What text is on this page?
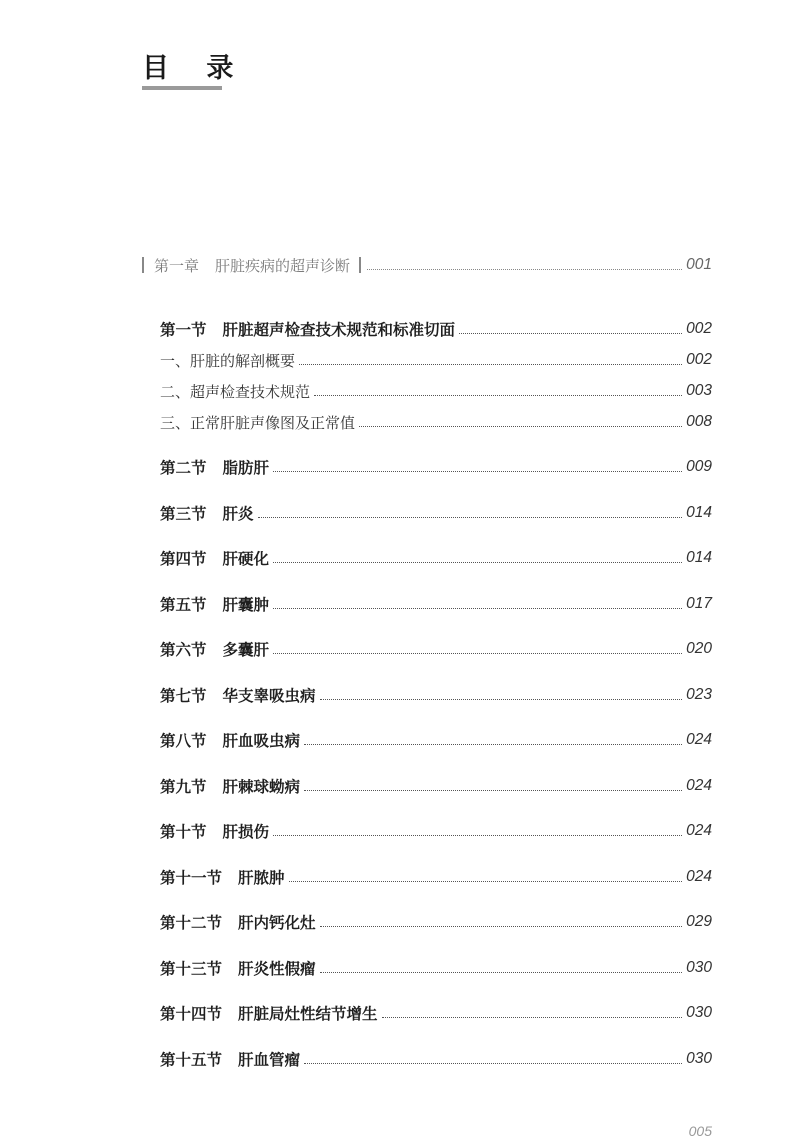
目 录
第一章 肝脏疾病的超声诊断	001
第一节 肝脏超声检查技术规范和标准切面	002
一、肝脏的解剖概要	002
二、超声检查技术规范	003
三、正常肝脏声像图及正常值	008
第二节 脂肪肝	009
第三节 肝炎	014
第四节 肝硬化	014
第五节 肝囊肿	017
第六节 多囊肝	020
第七节 华支睾吸虫病	023
第八节 肝血吸虫病	024
第九节 肝棘球蚴病	024
第十节 肝损伤	024
第十一节 肝脓肿	024
第十二节 肝内钙化灶	029
第十三节 肝炎性假瘤	030
第十四节 肝脏局灶性结节增生	030
第十五节 肝血管瘤	030
005
